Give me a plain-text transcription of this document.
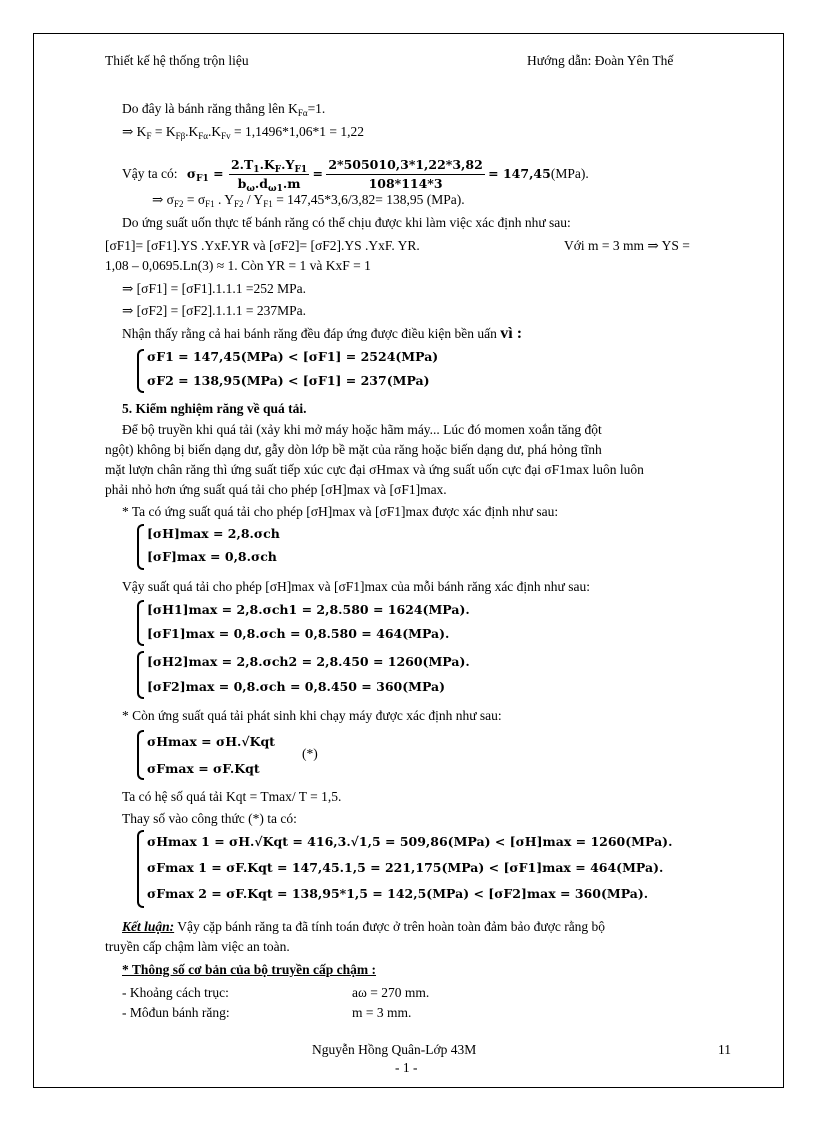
Thiết kế hệ thống trộn liệu	Hướng dẫn: Đoàn Yên Thế
Do đây là bánh răng thẳng lên $K_{F\alpha}=1$.
⇒ $K_F = K_{F\beta}.K_{F\alpha}.K_{Fv} = 1,1496*1,06*1 = 1,22$
Vậy ta có: $\sigma_{F1} = \frac{2.T_1.K_F.Y_{F1}}{b_\omega.d_{\omega 1}.m} = \frac{2*505010,3*1,22*3,82}{108*114*3} = 147,45(MPa)$.
⇒ $\sigma_{F2} = \sigma_{F1}$ . $Y_{F2} / Y_{F1} = 147,45*3,6/3,82= 138,95$ (MPa).
Do ứng suất uốn thực tế bánh răng có thể chịu được khi làm việc xác định như sau:
[σF1]= [σF1].YS .YxF.YR và [σF2]= [σF2].YS .YxF. YR.	Với m = 3 mm ⇒ YS =
1,08 – 0,0695.Ln(3) ≈ 1. Còn YR = 1 và KxF = 1
⇒ [σF1] = [σF1].1.1.1 =252 MPa.
⇒ [σF2] = [σF2].1.1.1 = 237MPa.
Nhận thấy rằng cả hai bánh răng đều đáp ứng được điều kiện bền uấn vì :
σF1 = 147,45(MPa) < [σF1] = 2524(MPa)
σF2 = 138,95(MPa) < [σF1] = 237(MPa)
5. Kiểm nghiệm răng về quá tải.
Để bộ truyền khi quá tải (xảy khi mở máy hoặc hãm máy... Lúc đó momen xoắn tăng đột
ngột) không bị biến dạng dư, gẫy dòn lớp bề mặt của răng hoặc biến dạng dư, phá hỏng tĩnh
mặt lượn chân răng thì ứng suất tiếp xúc cực đại σHmax và ứng suất uốn cực đại σF1max luôn luôn
phải nhỏ hơn ứng suất quá tải cho phép [σH]max và [σF1]max.
* Ta có ứng suất quá tải cho phép [σH]max và [σF1]max được xác định như sau:
[σH]max = 2,8.σch
[σF]max = 0,8.σch
Vậy suất quá tải cho phép [σH]max và [σF1]max của mỗi bánh răng xác định như sau:
[σH1]max = 2,8.σch1 = 2,8.580 = 1624(MPa).
[σF1]max = 0,8.σch = 0,8.580 = 464(MPa).
[σH2]max = 2,8.σch2 = 2,8.450 = 1260(MPa).
[σF2]max = 0,8.σch = 0,8.450 = 360(MPa)
* Còn ứng suất quá tải phát sinh khi chạy máy được xác định như sau:
σHmax = σH.√Kqt
σFmax = σF.Kqt
(*)
Ta có hệ số quá tải Kqt = Tmax/ T = 1,5.
Thay số vào công thức (*) ta có:
σHmax 1 = σH.√Kqt = 416,3.√1,5 = 509,86(MPa) < [σH]max = 1260(MPa).
σFmax 1 = σF.Kqt = 147,45.1,5 = 221,175(MPa) < [σF1]max = 464(MPa).
σFmax 2 = σF.Kqt = 138,95*1,5 = 142,5(MPa) < [σF2]max = 360(MPa).
Kết luận: Vậy cặp bánh răng ta đã tính toán được ở trên hoàn toàn đảm bảo được rằng bộ
truyền cấp chậm làm việc an toàn.
* Thông số cơ bản của bộ truyền cấp chậm :
- Khoảng cách trục:	aω = 270 mm.
- Môđun bánh răng:	m = 3 mm.
Nguyễn Hồng Quân-Lớp 43M	11
- 1 -
